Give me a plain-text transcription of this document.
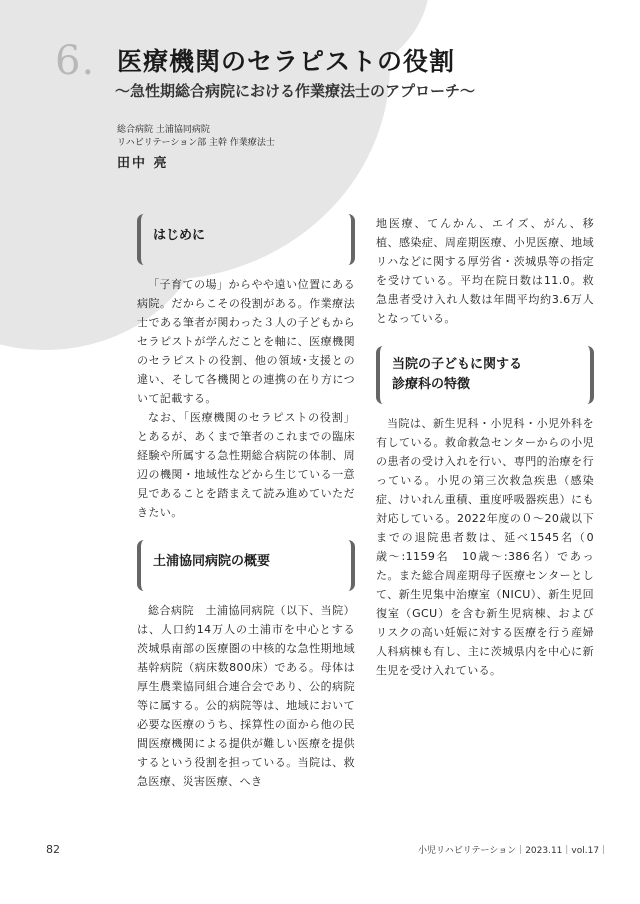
6. 医療機関のセラピストの役割
〜急性期総合病院における作業療法士のアプローチ〜
総合病院 土浦協同病院
リハビリテーション部 主幹 作業療法士
田中 亮
はじめに

「子育ての場」からやや遠い位置にある病院。だからこその役割がある。作業療法士である筆者が関わった３人の子どもからセラピストが学んだことを軸に、医療機関のセラピストの役割、他の領域･支援との違い、そして各機関との連携の在り方について記載する。

なお、「医療機関のセラピストの役割」とあるが、あくまで筆者のこれまでの臨床経験や所属する急性期総合病院の体制、周辺の機関・地域性などから生じている一意見であることを踏まえて読み進めていただきたい。

土浦協同病院の概要

総合病院　土浦協同病院（以下、当院）は、人口約14万人の土浦市を中心とする茨城県南部の医療圏の中核的な急性期地域基幹病院（病床数800床）である。母体は厚生農業協同組合連合会であり、公的病院等に属する。公的病院等は、地域において必要な医療のうち、採算性の面から他の民間医療機関による提供が難しい医療を提供するという役割を担っている。当院は、救急医療、災害医療、へき

地医療、てんかん、エイズ、がん、移植、感染症、周産期医療、小児医療、地域リハなどに関する厚労省・茨城県等の指定を受けている。平均在院日数は11.0。救急患者受け入れ人数は年間平均約3.6万人となっている。

当院の子どもに関する
診療科の特徴

当院は、新生児科・小児科・小児外科を有している。救命救急センターからの小児の患者の受け入れを行い、専門的治療を行っている。小児の第三次救急疾患（感染症、けいれん重積、重度呼吸器疾患）にも対応している。2022年度の０～20歳以下までの退院患者数は、延べ1545名（0歳〜:1159名　10歳〜:386名）であった。また総合周産期母子医療センターとして、新生児集中治療室（NICU）、新生児回復室（GCU）を含む新生児病棟、およびリスクの高い妊娠に対する医療を行う産婦人科病棟も有し、主に茨城県内を中心に新生児を受け入れている。

82	小児リハビリテーション｜2023.11｜vol.17｜
